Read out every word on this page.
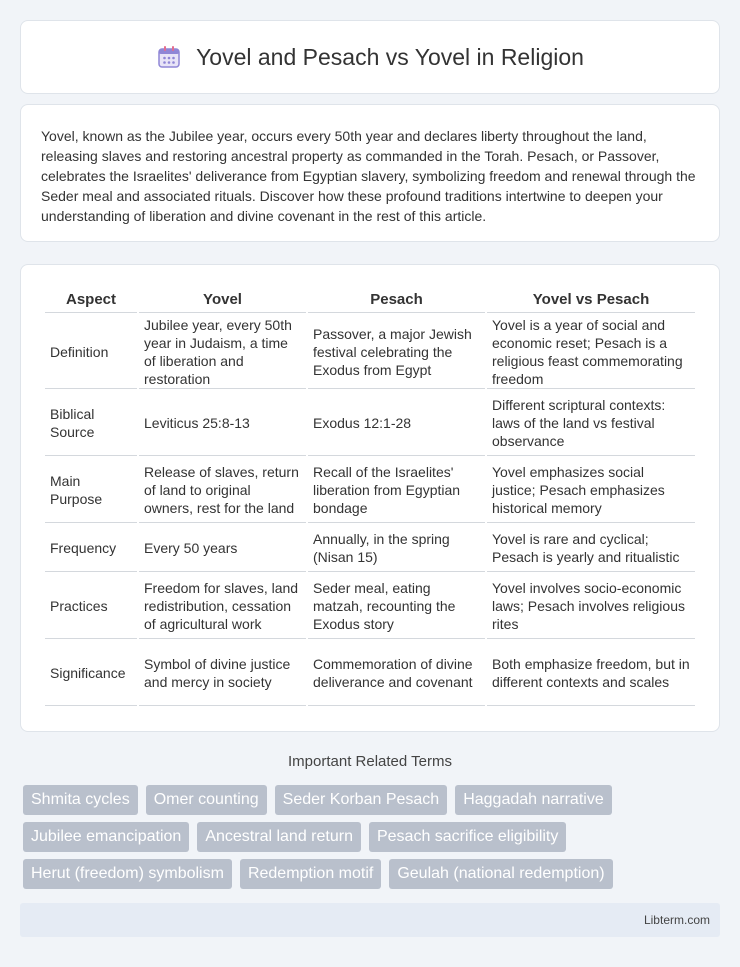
Yovel and Pesach vs Yovel in Religion

Yovel, known as the Jubilee year, occurs every 50th year and declares liberty throughout the land, releasing slaves and restoring ancestral property as commanded in the Torah. Pesach, or Passover, celebrates the Israelites' deliverance from Egyptian slavery, symbolizing freedom and renewal through the Seder meal and associated rituals. Discover how these profound traditions intertwine to deepen your understanding of liberation and divine covenant in the rest of this article.

Aspect	Yovel	Pesach	Yovel vs Pesach
Definition	Jubilee year, every 50th year in Judaism, a time of liberation and restoration	Passover, a major Jewish festival celebrating the Exodus from Egypt	Yovel is a year of social and economic reset; Pesach is a religious feast commemorating freedom
Biblical Source	Leviticus 25:8-13	Exodus 12:1-28	Different scriptural contexts: laws of the land vs festival observance
Main Purpose	Release of slaves, return of land to original owners, rest for the land	Recall of the Israelites' liberation from Egyptian bondage	Yovel emphasizes social justice; Pesach emphasizes historical memory
Frequency	Every 50 years	Annually, in the spring (Nisan 15)	Yovel is rare and cyclical; Pesach is yearly and ritualistic
Practices	Freedom for slaves, land redistribution, cessation of agricultural work	Seder meal, eating matzah, recounting the Exodus story	Yovel involves socio-economic laws; Pesach involves religious rites
Significance	Symbol of divine justice and mercy in society	Commemoration of divine deliverance and covenant	Both emphasize freedom, but in different contexts and scales
Important Related Terms
Shmita cycles	Omer counting	Seder Korban Pesach	Haggadah narrative
Jubilee emancipation	Ancestral land return	Pesach sacrifice eligibility
Herut (freedom) symbolism	Redemption motif	Geulah (national redemption)
Libterm.com
